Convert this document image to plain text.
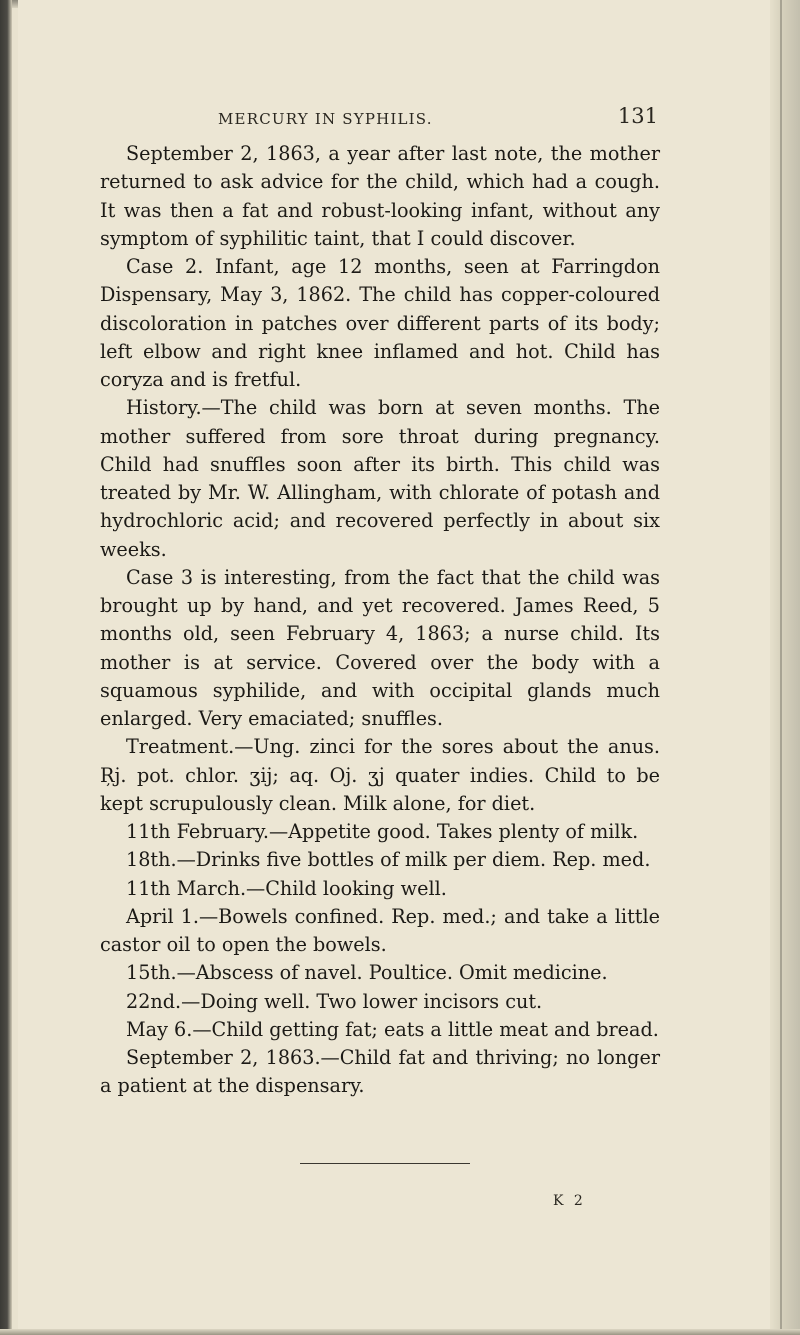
MERCURY IN SYPHILIS.	131

September 2, 1863, a year after last note, the mother returned to ask advice for the child, which had a cough. It was then a fat and robust-looking infant, without any symptom of syphilitic taint, that I could discover.

Case 2. Infant, age 12 months, seen at Farringdon Dispensary, May 3, 1862. The child has copper-coloured discoloration in patches over different parts of its body; left elbow and right knee inflamed and hot. Child has coryza and is fretful.

History.—The child was born at seven months. The mother suffered from sore throat during pregnancy. Child had snuffles soon after its birth. This child was treated by Mr. W. Allingham, with chlorate of potash and hydrochloric acid; and recovered perfectly in about six weeks.

Case 3 is interesting, from the fact that the child was brought up by hand, and yet recovered. James Reed, 5 months old, seen February 4, 1863; a nurse child. Its mother is at service. Covered over the body with a squamous syphilide, and with occipital glands much enlarged. Very emaciated; snuffles.

Treatment.—Ung. zinci for the sores about the anus. Ŗj. pot. chlor. ʒij; aq. Oj. ʒj quater indies. Child to be kept scrupulously clean. Milk alone, for diet.

11th February.—Appetite good. Takes plenty of milk.

18th.—Drinks five bottles of milk per diem. Rep. med.

11th March.—Child looking well.

April 1.—Bowels confined. Rep. med.; and take a little castor oil to open the bowels.

15th.—Abscess of navel. Poultice. Omit medicine.

22nd.—Doing well. Two lower incisors cut.

May 6.—Child getting fat; eats a little meat and bread.

September 2, 1863.—Child fat and thriving; no longer a patient at the dispensary.

K 2
